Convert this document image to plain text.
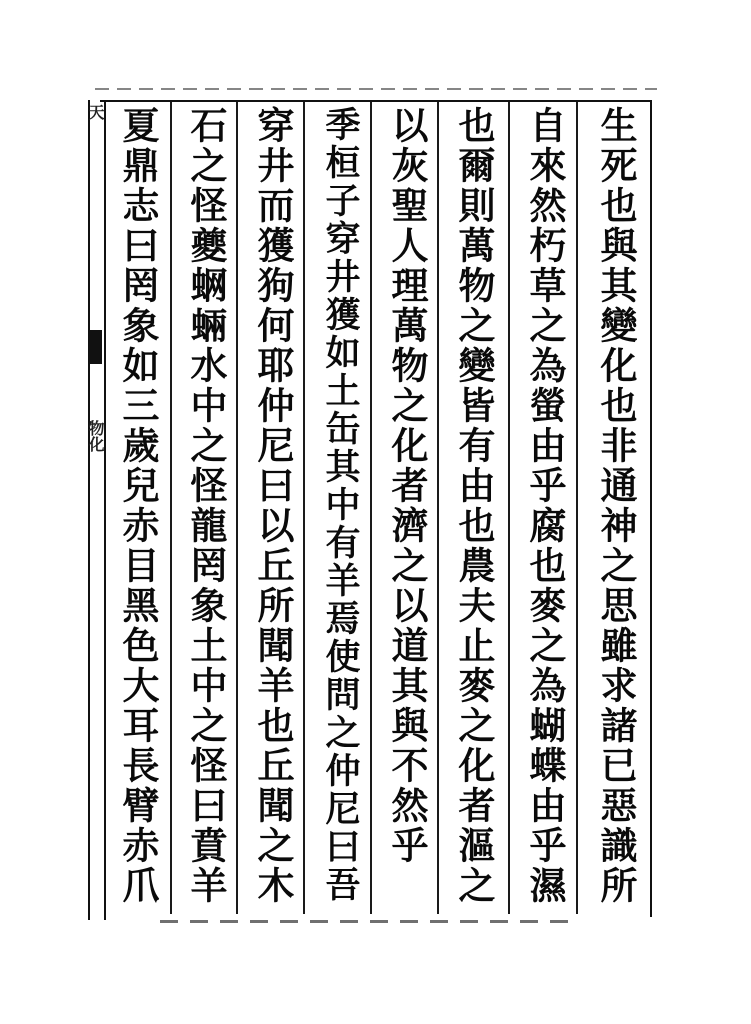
天
物化	生死也與其變化也非通神之思雖求諸已惡識所
自來然朽草之為螢由乎腐也麥之為蝴蝶由乎濕
也爾則萬物之變皆有由也農夫止麥之化者漚之
以灰聖人理萬物之化者濟之以道其與不然乎
季桓子穿井獲如土缶其中有羊焉使問之仲尼曰吾
穿井而獲狗何耶仲尼曰以丘所聞羊也丘聞之木
石之怪夔蛧蜽水中之怪龍罔象土中之怪曰賁羊
夏鼎志曰罔象如三歲兒赤目黑色大耳長臂赤爪
